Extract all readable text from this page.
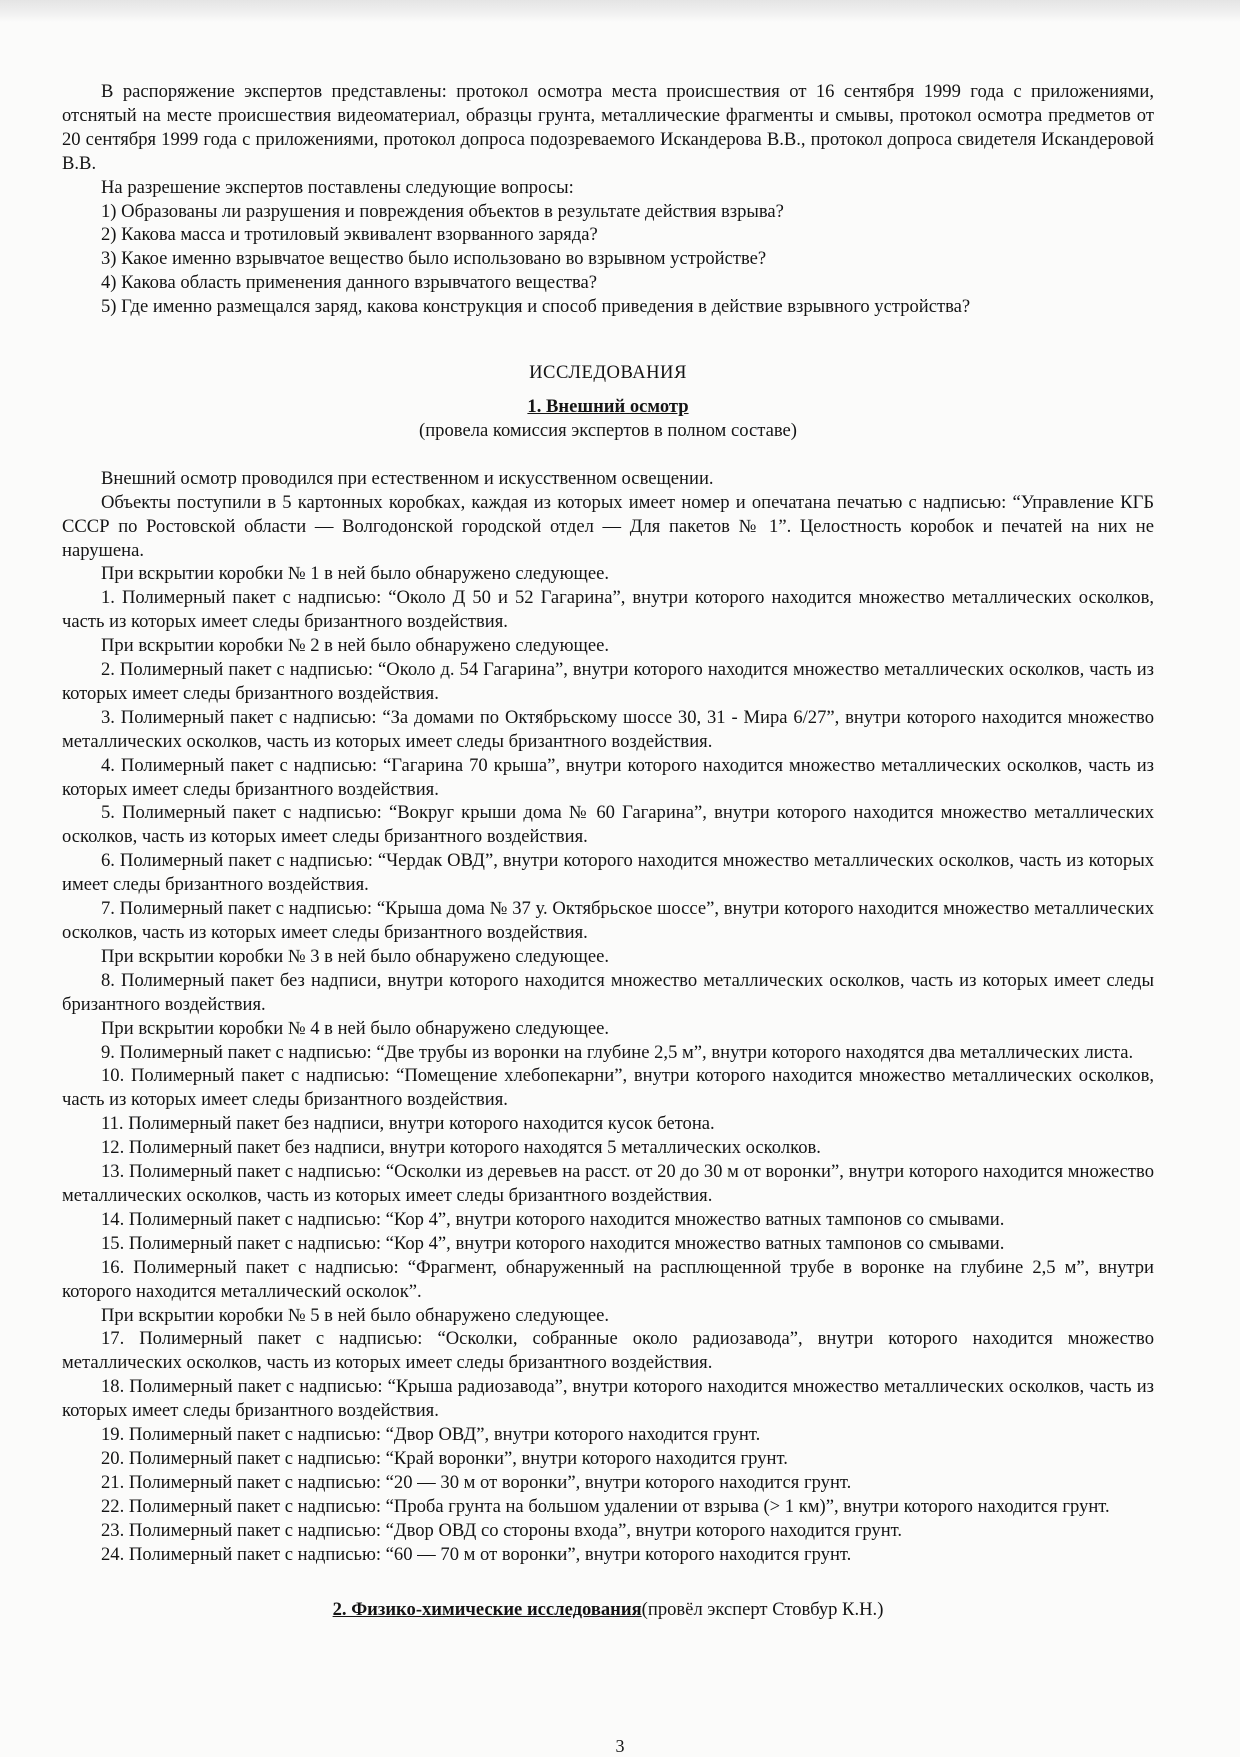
В распоряжение экспертов представлены: протокол осмотра места происшествия от 16 сентября 1999 года с приложениями, отснятый на месте происшествия видеоматериал, образцы грунта, металлические фрагменты и смывы, протокол осмотра предметов от 20 сентября 1999 года с приложениями, протокол допроса подозреваемого Искандерова В.В., протокол допроса свидетеля Искандеровой В.В.

На разрешение экспертов поставлены следующие вопросы:

1) Образованы ли разрушения и повреждения объектов в результате действия взрыва?

2) Какова масса и тротиловый эквивалент взорванного заряда?

3) Какое именно взрывчатое вещество было использовано во взрывном устройстве?

4) Какова область применения данного взрывчатого вещества?

5) Где именно размещался заряд, какова конструкция и способ приведения в действие взрывного устройства?

ИССЛЕДОВАНИЯ

1. Внешний осмотр

(провела комиссия экспертов в полном составе)

Внешний осмотр проводился при естественном и искусственном освещении.

Объекты поступили в 5 картонных коробках, каждая из которых имеет номер и опечатана печатью с надписью: “Управление КГБ СССР по Ростовской области — Волгодонской городской отдел — Для пакетов № 1”. Целостность коробок и печатей на них не нарушена.

При вскрытии коробки № 1 в ней было обнаружено следующее.

1. Полимерный пакет с надписью: “Около Д 50 и 52 Гагарина”, внутри которого находится множество металлических осколков, часть из которых имеет следы бризантного воздействия.

При вскрытии коробки № 2 в ней было обнаружено следующее.

2. Полимерный пакет с надписью: “Около д. 54 Гагарина”, внутри которого находится множество металлических осколков, часть из которых имеет следы бризантного воздействия.

3. Полимерный пакет с надписью: “За домами по Октябрьскому шоссе 30, 31 - Мира 6/27”, внутри которого находится множество металлических осколков, часть из которых имеет следы бризантного воздействия.

4. Полимерный пакет с надписью: “Гагарина 70 крыша”, внутри которого находится множество металлических осколков, часть из которых имеет следы бризантного воздействия.

5. Полимерный пакет с надписью: “Вокруг крыши дома № 60 Гагарина”, внутри которого находится множество металлических осколков, часть из которых имеет следы бризантного воздействия.

6. Полимерный пакет с надписью: “Чердак ОВД”, внутри которого находится множество металлических осколков, часть из которых имеет следы бризантного воздействия.

7. Полимерный пакет с надписью: “Крыша дома № 37 у. Октябрьское шоссе”, внутри которого находится множество металлических осколков, часть из которых имеет следы бризантного воздействия.

При вскрытии коробки № 3 в ней было обнаружено следующее.

8. Полимерный пакет без надписи, внутри которого находится множество металлических осколков, часть из которых имеет следы бризантного воздействия.

При вскрытии коробки № 4 в ней было обнаружено следующее.

9. Полимерный пакет с надписью: “Две трубы из воронки на глубине 2,5 м”, внутри которого находятся два металлических листа.

10. Полимерный пакет с надписью: “Помещение хлебопекарни”, внутри которого находится множество металлических осколков, часть из которых имеет следы бризантного воздействия.

11. Полимерный пакет без надписи, внутри которого находится кусок бетона.

12. Полимерный пакет без надписи, внутри которого находятся 5 металлических осколков.

13. Полимерный пакет с надписью: “Осколки из деревьев на расст. от 20 до 30 м от воронки”, внутри которого находится множество металлических осколков, часть из которых имеет следы бризантного воздействия.

14. Полимерный пакет с надписью: “Кор 4”, внутри которого находится множество ватных тампонов со смывами.

15. Полимерный пакет с надписью: “Кор 4”, внутри которого находится множество ватных тампонов со смывами.

16. Полимерный пакет с надписью: “Фрагмент, обнаруженный на расплющенной трубе в воронке на глубине 2,5 м”, внутри которого находится металлический осколок”.

При вскрытии коробки № 5 в ней было обнаружено следующее.

17. Полимерный пакет с надписью: “Осколки, собранные около радиозавода”, внутри которого находится множество металлических осколков, часть из которых имеет следы бризантного воздействия.

18. Полимерный пакет с надписью: “Крыша радиозавода”, внутри которого находится множество металлических осколков, часть из которых имеет следы бризантного воздействия.

19. Полимерный пакет с надписью: “Двор ОВД”, внутри которого находится грунт.

20. Полимерный пакет с надписью: “Край воронки”, внутри которого находится грунт.

21. Полимерный пакет с надписью: “20 — 30 м от воронки”, внутри которого находится грунт.

22. Полимерный пакет с надписью: “Проба грунта на большом удалении от взрыва (> 1 км)”, внутри которого находится грунт.

23. Полимерный пакет с надписью: “Двор ОВД со стороны входа”, внутри которого находится грунт.

24. Полимерный пакет с надписью: “60 — 70 м от воронки”, внутри которого находится грунт.

2. Физико-химические исследования(провёл эксперт Стовбур К.Н.)

3
